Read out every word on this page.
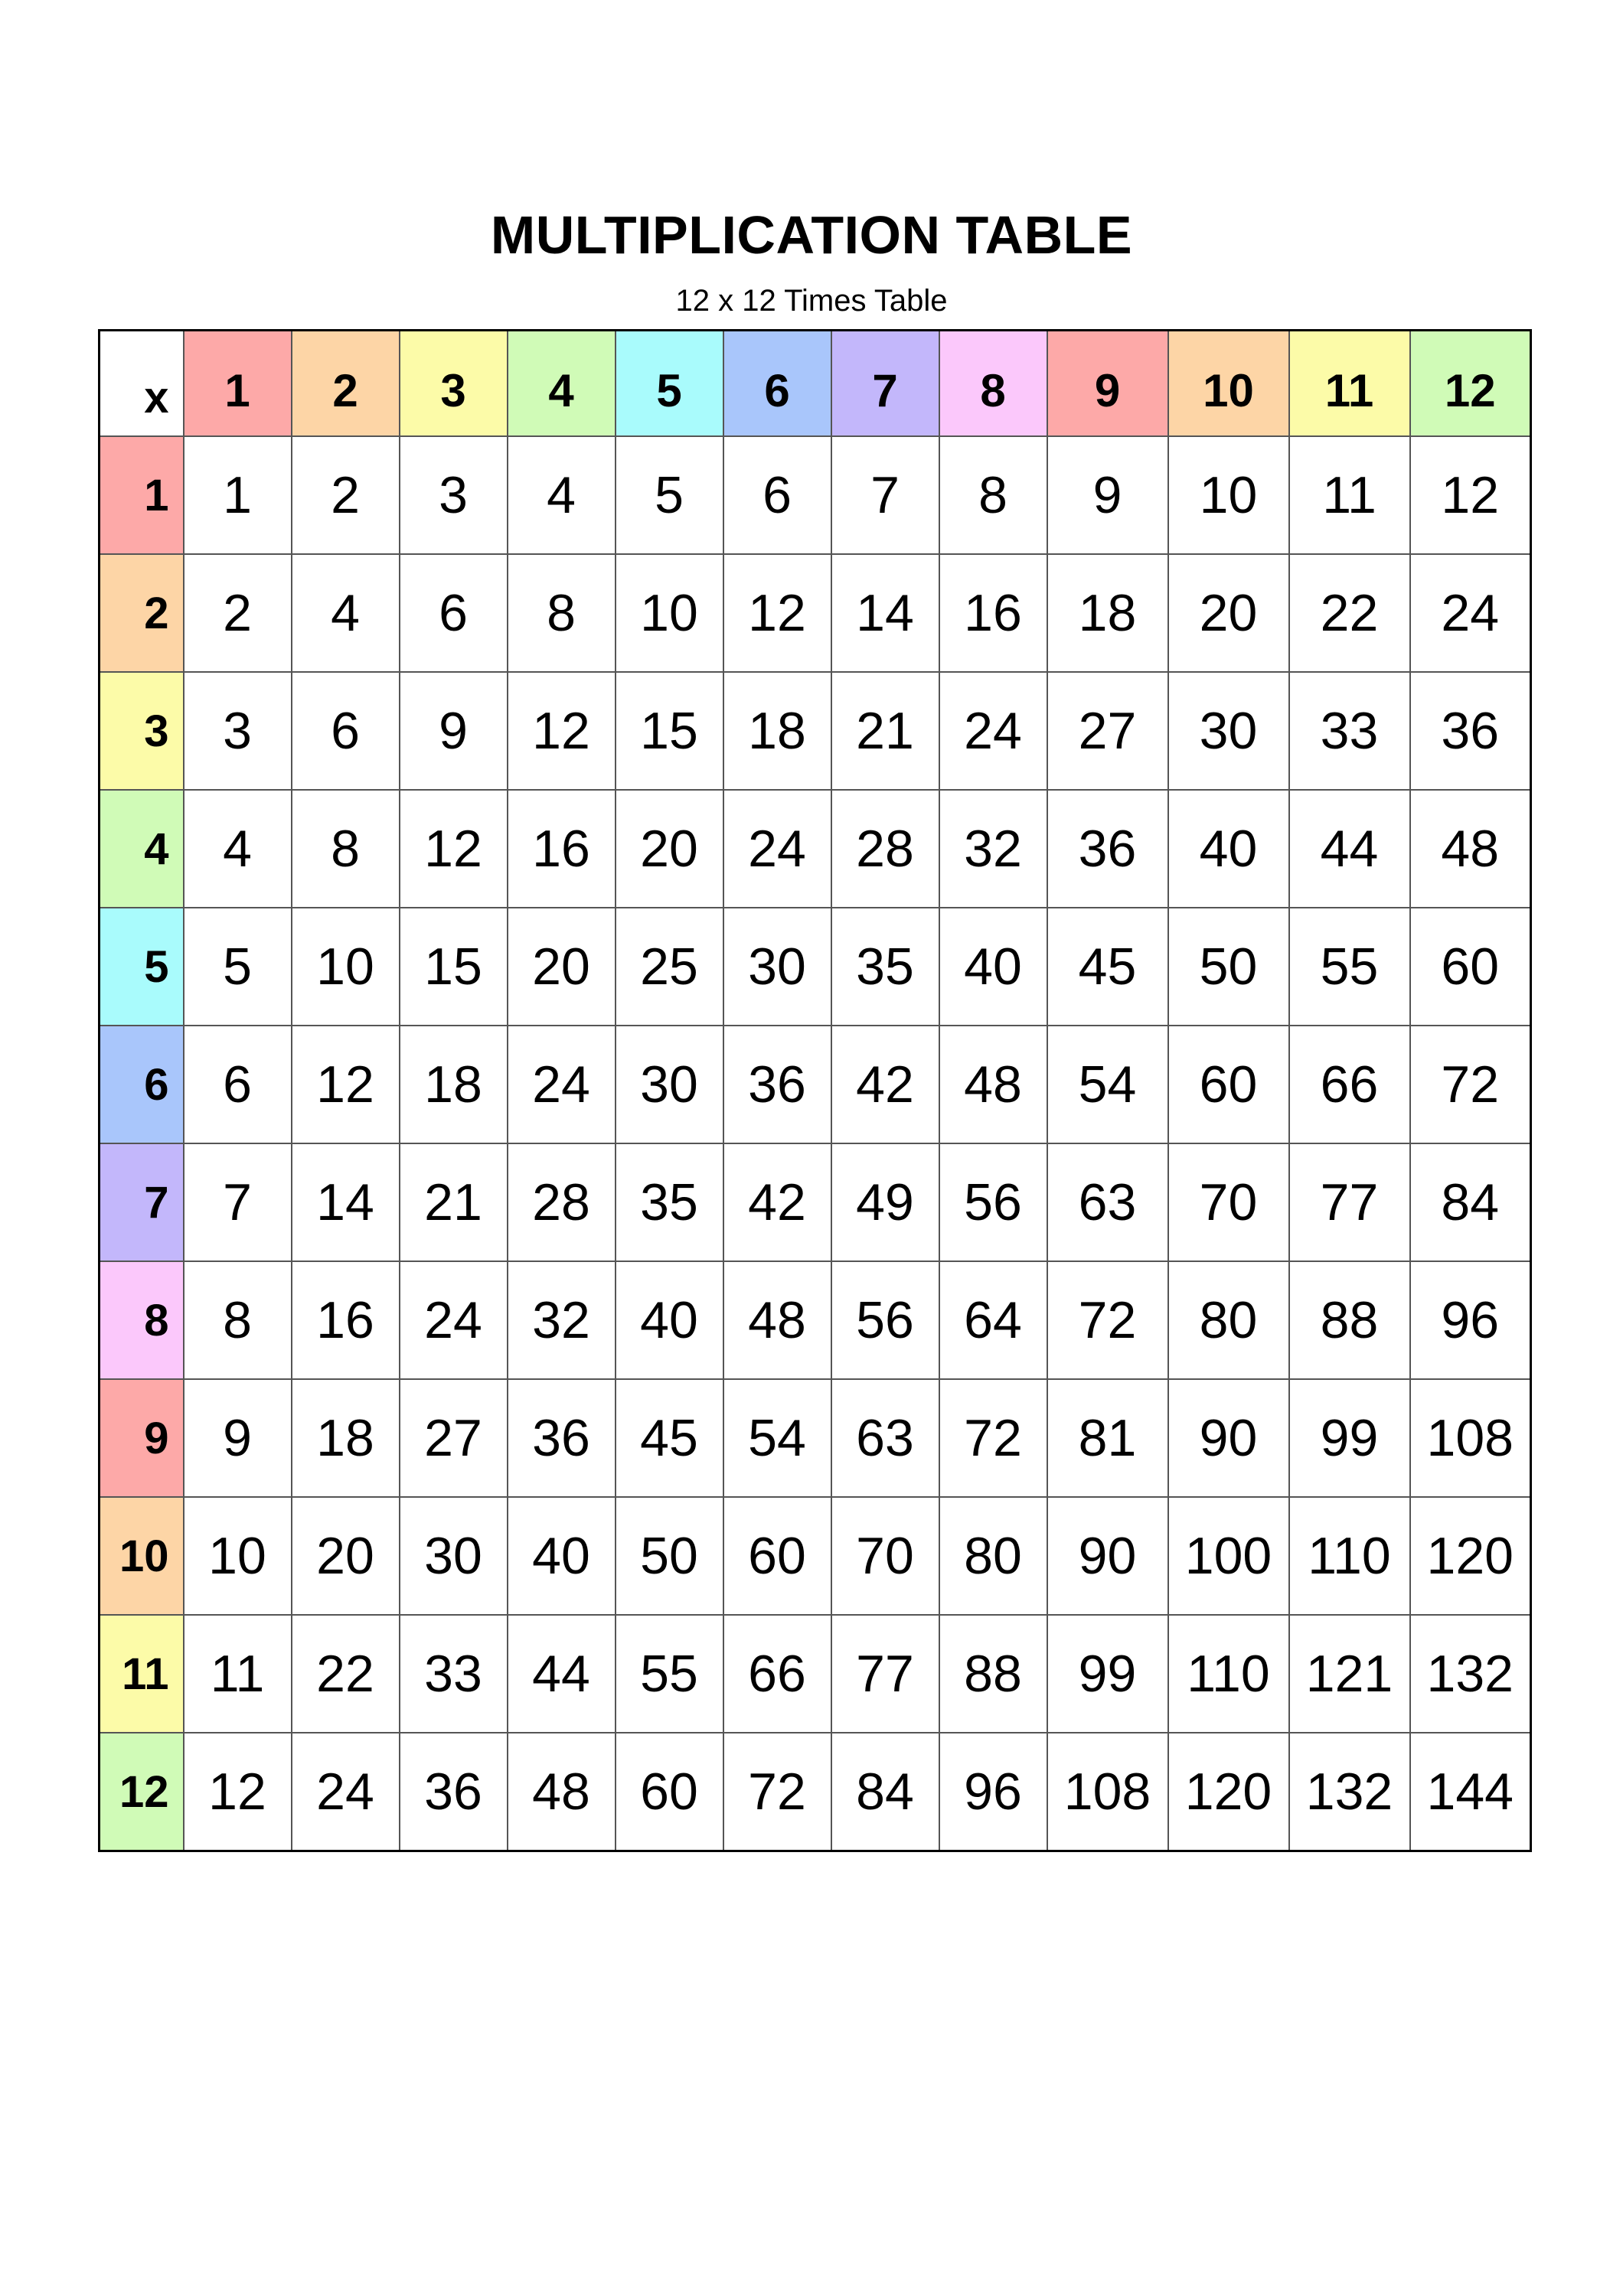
MULTIPLICATION TABLE
12 x 12 Times Table
x	1	2	3	4	5	6	7	8	9	10	11	12
1	1	2	3	4	5	6	7	8	9	10	11	12
2	2	4	6	8	10	12	14	16	18	20	22	24
3	3	6	9	12	15	18	21	24	27	30	33	36
4	4	8	12	16	20	24	28	32	36	40	44	48
5	5	10	15	20	25	30	35	40	45	50	55	60
6	6	12	18	24	30	36	42	48	54	60	66	72
7	7	14	21	28	35	42	49	56	63	70	77	84
8	8	16	24	32	40	48	56	64	72	80	88	96
9	9	18	27	36	45	54	63	72	81	90	99	108
10	10	20	30	40	50	60	70	80	90	100	110	120
11	11	22	33	44	55	66	77	88	99	110	121	132
12	12	24	36	48	60	72	84	96	108	120	132	144
